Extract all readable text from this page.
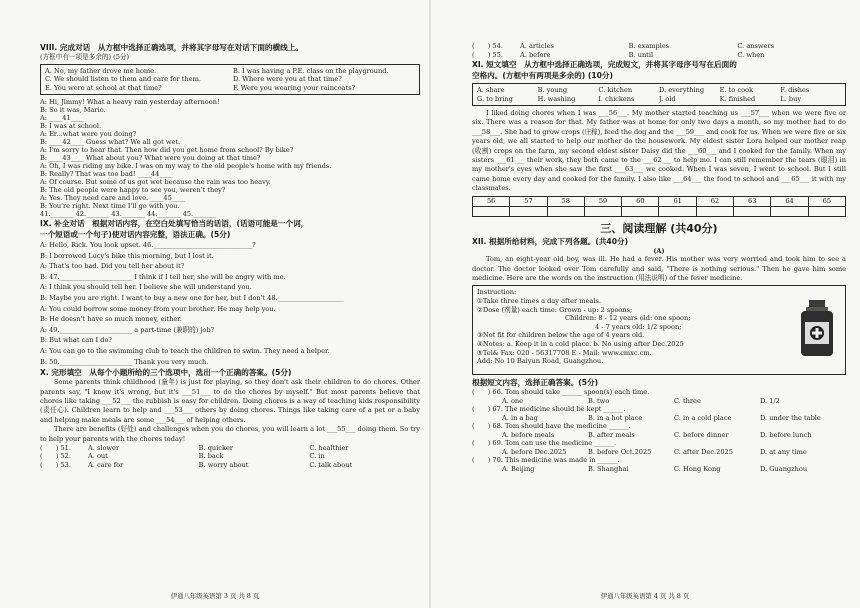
VIII. 完成对话　从方框中选择正确选项，并将其字母写在对话下面的横线上。
(方框中有一项是多余的) (5分)
A. No, my father drove me home.	B. I was having a P.E. class on the playground.
C. We should listen to them and care for them.	D. Where were you at that time?
E. You were at school at that time?	F. Were you wearing your raincoats?
A: Hi, Jimmy! What a heavy rain yesterday afternoon!
B: So it was, Mario.
A: ____41____
B: I was at school.
A: Er...what were you doing?
B: ____42____ Guess what? We all got wet.
A: I'm sorry to hear that. Then how did you get home from school? By bike?
B: ____43____ What about you? What were you doing at that time?
A: Oh, I was riding my bike. I was on my way to the old people's home with my friends.
B: Really? That was too bad! ____44____
A: Of course. But some of us got wet because the rain was too heavy.
B: The old people were happy to see you, weren't they?
A: Yes. They need care and love. ____45____
B: You're right. Next time I'll go with you.
41._______ 42._______ 43._______ 44._______ 45._______
IX. 补全对话　根据对话内容，在空白处填写恰当的话语，(话语可能是一个词，
一个短语或一个句子)使对话内容完整，语法正确。(5分)
A: Hello, Rick. You look upset. 46.______________________________?
B: I borrowed Lucy's bike this morning, but I lost it.
A: That's too bad. Did you tell her about it?
B: 47.______________________ I think if I tell her, she will be angry with me.
A: I think you should tell her. I believe she will understand you.
B: Maybe you are right. I want to buy a new one for her, but I don't 48.____________________
A: You could borrow some money from your brother. He may help you.
B: He doesn't have so much money, either.
A: 49.______________________ a part-time (兼职的) job?
B: But what can I do?
A: You can go to the swimming club to teach the children to swim. They need a helper.
B: 50.______________________ Thank you very much.
X. 完形填空　从每个小题所给的三个选项中，选出一个正确的答案。(5分)
Some parents think childhood (童年) is just for playing, so they don't ask their children to do chores. Other parents say, "I know it's wrong, but it's ___51___ to do the chores by myself." But most parents believe that chores like taking ___52___ the rubbish is easy for children. Doing chores is a way of teaching kids responsibility (责任心). Children learn to help and ___53___ others by doing chores. Things like taking care of a pet or a baby and helping make meals are some ___54___ of helping others.
There are benefits (好处) and challenges when you do chores, you will learn a lot ___55___ doing them. So try to help your parents with the chores today!
(　　) 51.	A. slower	B. quicker	C. healthier
(　　) 52.	A. out	B. back	C. in
(　　) 53.	A. care for	B. worry about	C. talk about
伊通八年级英语第 3 页 共 8 页
(　　) 54.	A. articles	B. examples	C. answers
(　　) 55.	A. before	B. until	C. when
XI. 短文填空　从方框中选择正确选项，完成短文，并将其字母序号写在后面的
空格内。(方框中有两项是多余的) (10分)
A. share	B. young	C. kitchen	D. everything	E. to cook	F. dishes
G. to bring	H. washing	I. chickens	J. old	K. finished	L. buy
I liked doing chores when I was ___56___. My mother started teaching us ___57___ when we were five or six. There was a reason for that. My father was at home for only two days a month, so my mother had to do ___58___. She had to grow crops (庄稼), feed the dog and the ___59___ and cook for us. When we were five or six years old, we all started to help our mother do the housework. My eldest sister Lora helped our mother reap (收割) crops on the farm, my second eldest sister Daisy did the ___60___ and I cooked for the family. When my sisters ___61___ their work, they both came to the ___62___ to help me. I can still remember the tears (眼泪) in my mother's eyes when she saw the first ___63___ we cooked. When I was seven, I went to school. But I still came home every day and cooked for the family. I also like ___64___ the food to school and ___65___ it with my classmates.
56	57	58	59	60	61	62	63	64	65

三、阅读理解 (共40分)
XII. 根据所给材料，完成下列各题。(共40分)
(A)
Tom, an eight-year old boy, was ill. He had a fever. His mother was very worried and took him to see a doctor. The doctor looked over Tom carefully and said, "There is nothing serious." Then he gave him some medicine. Here are the words on the instruction (用法说明) of the fever medicine.
Instruction:
①Take three times a day after meals.
②Dose (剂量) each time: Grown - up: 2 spoons;
Children: 8 - 12 years old: one spoon;
4 - 7 years old: 1/2 spoon;
③Not fit for children below the age of 4 years old.
④Notes: a. Keep it in a cold place. b. No using after Dec.2025
⑤Tel& Fax: 020 - 56317708 E - Mail: www.cmxc.cm.
Add: No 10 Baiyun Road, Guangzhou.
根据短文内容，选择正确答案。(5分)
(　　) 66. Tom should take ______ spoon(s) each time.
A. one	B. two	C. three	D. 1/2
(　　) 67. The medicine should be kept ______.
A. in a bag	B. in a hot place	C. in a cold place	D. under the table
(　　) 68. Tom should have the medicine ______.
A. before meals	B. after meals	C. before dinner	D. before lunch
(　　) 69. Tom can use the medicine ______.
A. before Dec.2025	B. before Oct.2025	C. after Dec.2025	D. at any time
(　　) 70. This medicine was made in ______.
A. Beijing	B. Shanghai	C. Hong Kong	D. Guangzhou
伊通八年级英语第 4 页 共 8 页
